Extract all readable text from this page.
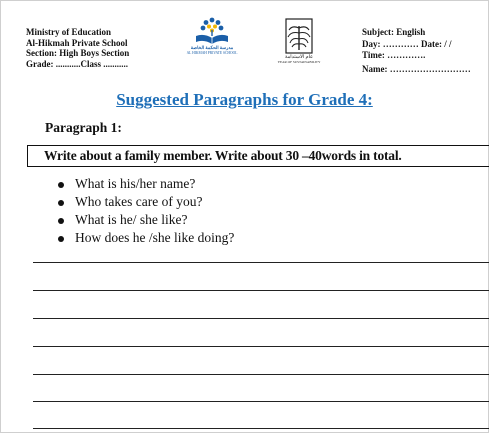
Ministry of Education
Al-Hikmah Private School
Section: High Boys Section
Grade: ...........Class ...........
مدرسة الحكمة الخاصة
AL HIKMAH PRIVATE SCHOOL
عام الاستدامة
YEAR OF SUSTAINABILITY
Subject: English
Day: ………… Date: / /
Time: ………….
Name: ………………………
Suggested Paragraphs for Grade 4:
Paragraph 1:
Write about a family member. Write about 30 –40words in total.
What is his/her name?
Who takes care of you?
What is he/ she like?
How does he /she like doing?
